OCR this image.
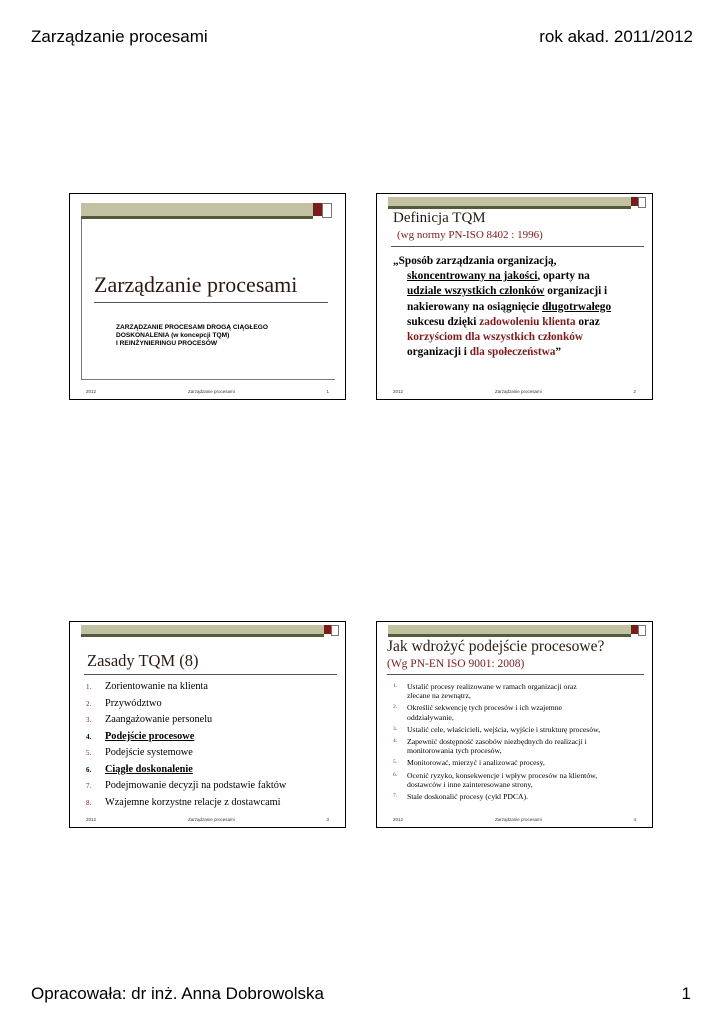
Zarządzanie procesami	rok akad. 2011/2012
Zarządzanie procesami
ZARZĄDZANIE PROCESAMI DROGĄ CIĄGŁEGO
DOSKONALENIA (w koncepcji TQM)
I REINŻYNIERINGU PROCESÓW
2012	Zarządzanie procesami	1
Definicja TQM
(wg normy PN-ISO 8402 : 1996)
„Sposób zarządzania organizacją,
skoncentrowany na jakości, oparty na
udziale wszystkich członków organizacji i
nakierowany na osiągnięcie długotrwałego
sukcesu dzięki zadowoleniu klienta oraz
korzyściom dla wszystkich członków
organizacji i dla społeczeństwa”
2012	Zarządzanie procesami	2
Zasady TQM (8)
1. Zorientowanie na klienta
2. Przywództwo
3. Zaangażowanie personelu
4. Podejście procesowe
5. Podejście systemowe
6. Ciągłe doskonalenie
7. Podejmowanie decyzji na podstawie faktów
8. Wzajemne korzystne relacje z dostawcami
2012	Zarządzanie procesami	3
Jak wdrożyć podejście procesowe?
(Wg PN-EN ISO 9001: 2008)
1. Ustalić procesy realizowane w ramach organizacji oraz
zlecane na zewnątrz,
2. Określić sekwencję tych procesów i ich wzajemne
oddziaływanie,
3. Ustalić cele, właścicieli, wejścia, wyjście i strukturę procesów,
4. Zapewnić dostępność zasobów niezbędnych do realizacji i
monitorowania tych procesów,
5. Monitorować, mierzyć i analizować procesy,
6. Ocenić ryzyko, konsekwencje i wpływ procesów na klientów,
dostawców i inne zainteresowane strony,
7. Stale doskonalić procesy (cykl PDCA).
2012	Zarządzanie procesami	4
Opracowała: dr inż. Anna Dobrowolska	1
